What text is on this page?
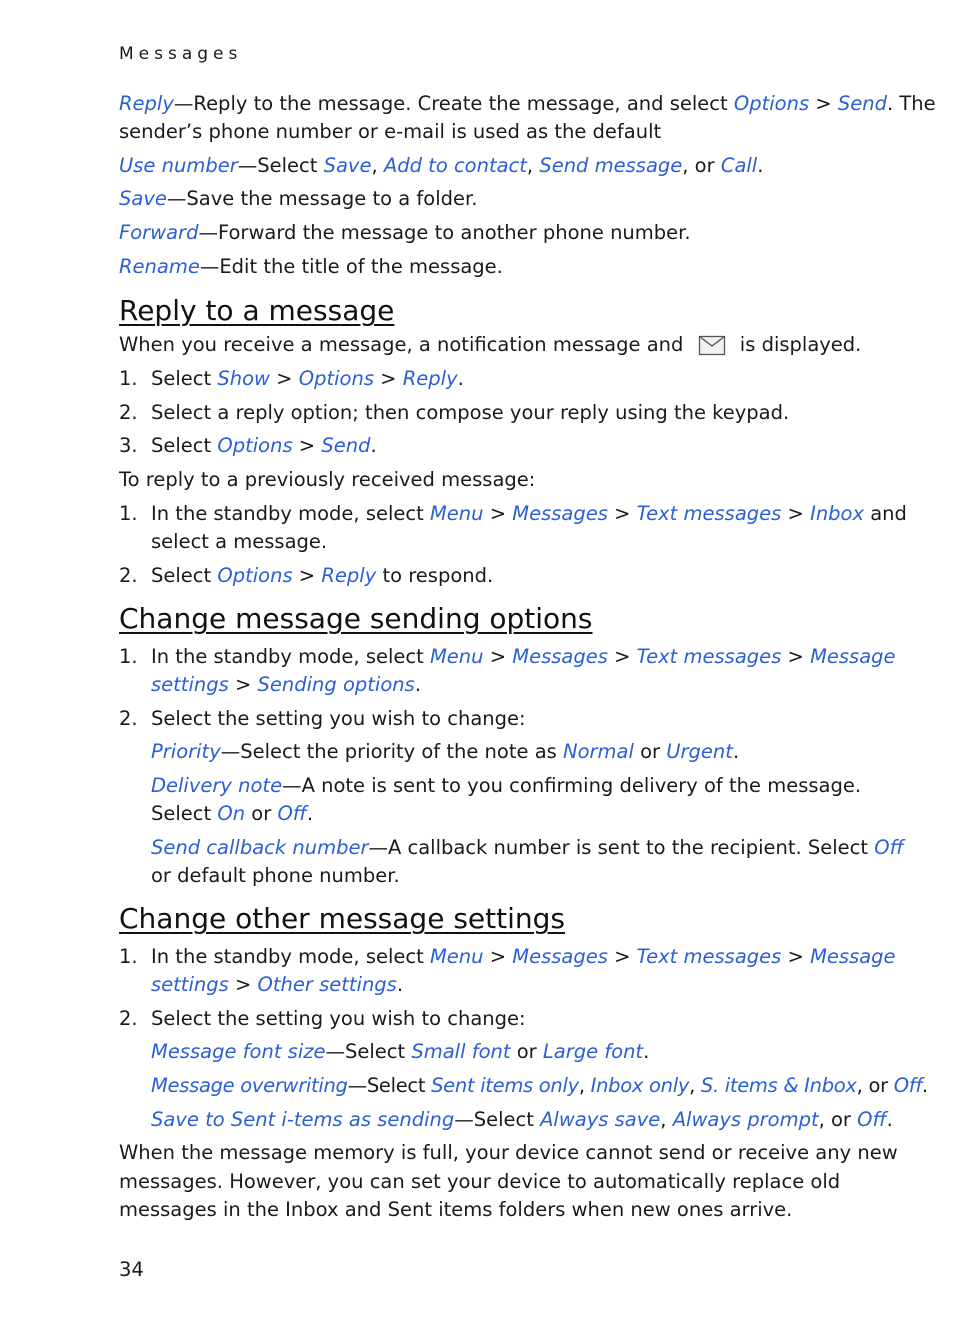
Messages
Reply—Reply to the message. Create the message, and select Options > Send. The
sender’s phone number or e-mail is used as the default
Use number—Select Save, Add to contact, Send message, or Call.
Save—Save the message to a folder.
Forward—Forward the message to another phone number.
Rename—Edit the title of the message.
Reply to a message
When you receive a message, a notification message and  is displayed.
1. Select Show > Options > Reply.
2. Select a reply option; then compose your reply using the keypad.
3. Select Options > Send.
To reply to a previously received message:
1. In the standby mode, select Menu > Messages > Text messages > Inbox and
select a message.
2. Select Options > Reply to respond.
Change message sending options
1. In the standby mode, select Menu > Messages > Text messages > Message
settings > Sending options.
2. Select the setting you wish to change:
Priority—Select the priority of the note as Normal or Urgent.
Delivery note—A note is sent to you confirming delivery of the message.
Select On or Off.
Send callback number—A callback number is sent to the recipient. Select Off
or default phone number.
Change other message settings
1. In the standby mode, select Menu > Messages > Text messages > Message
settings > Other settings.
2. Select the setting you wish to change:
Message font size—Select Small font or Large font.
Message overwriting—Select Sent items only, Inbox only, S. items & Inbox, or Off.
Save to Sent i-tems as sending—Select Always save, Always prompt, or Off.
When the message memory is full, your device cannot send or receive any new
messages. However, you can set your device to automatically replace old
messages in the Inbox and Sent items folders when new ones arrive.
34
